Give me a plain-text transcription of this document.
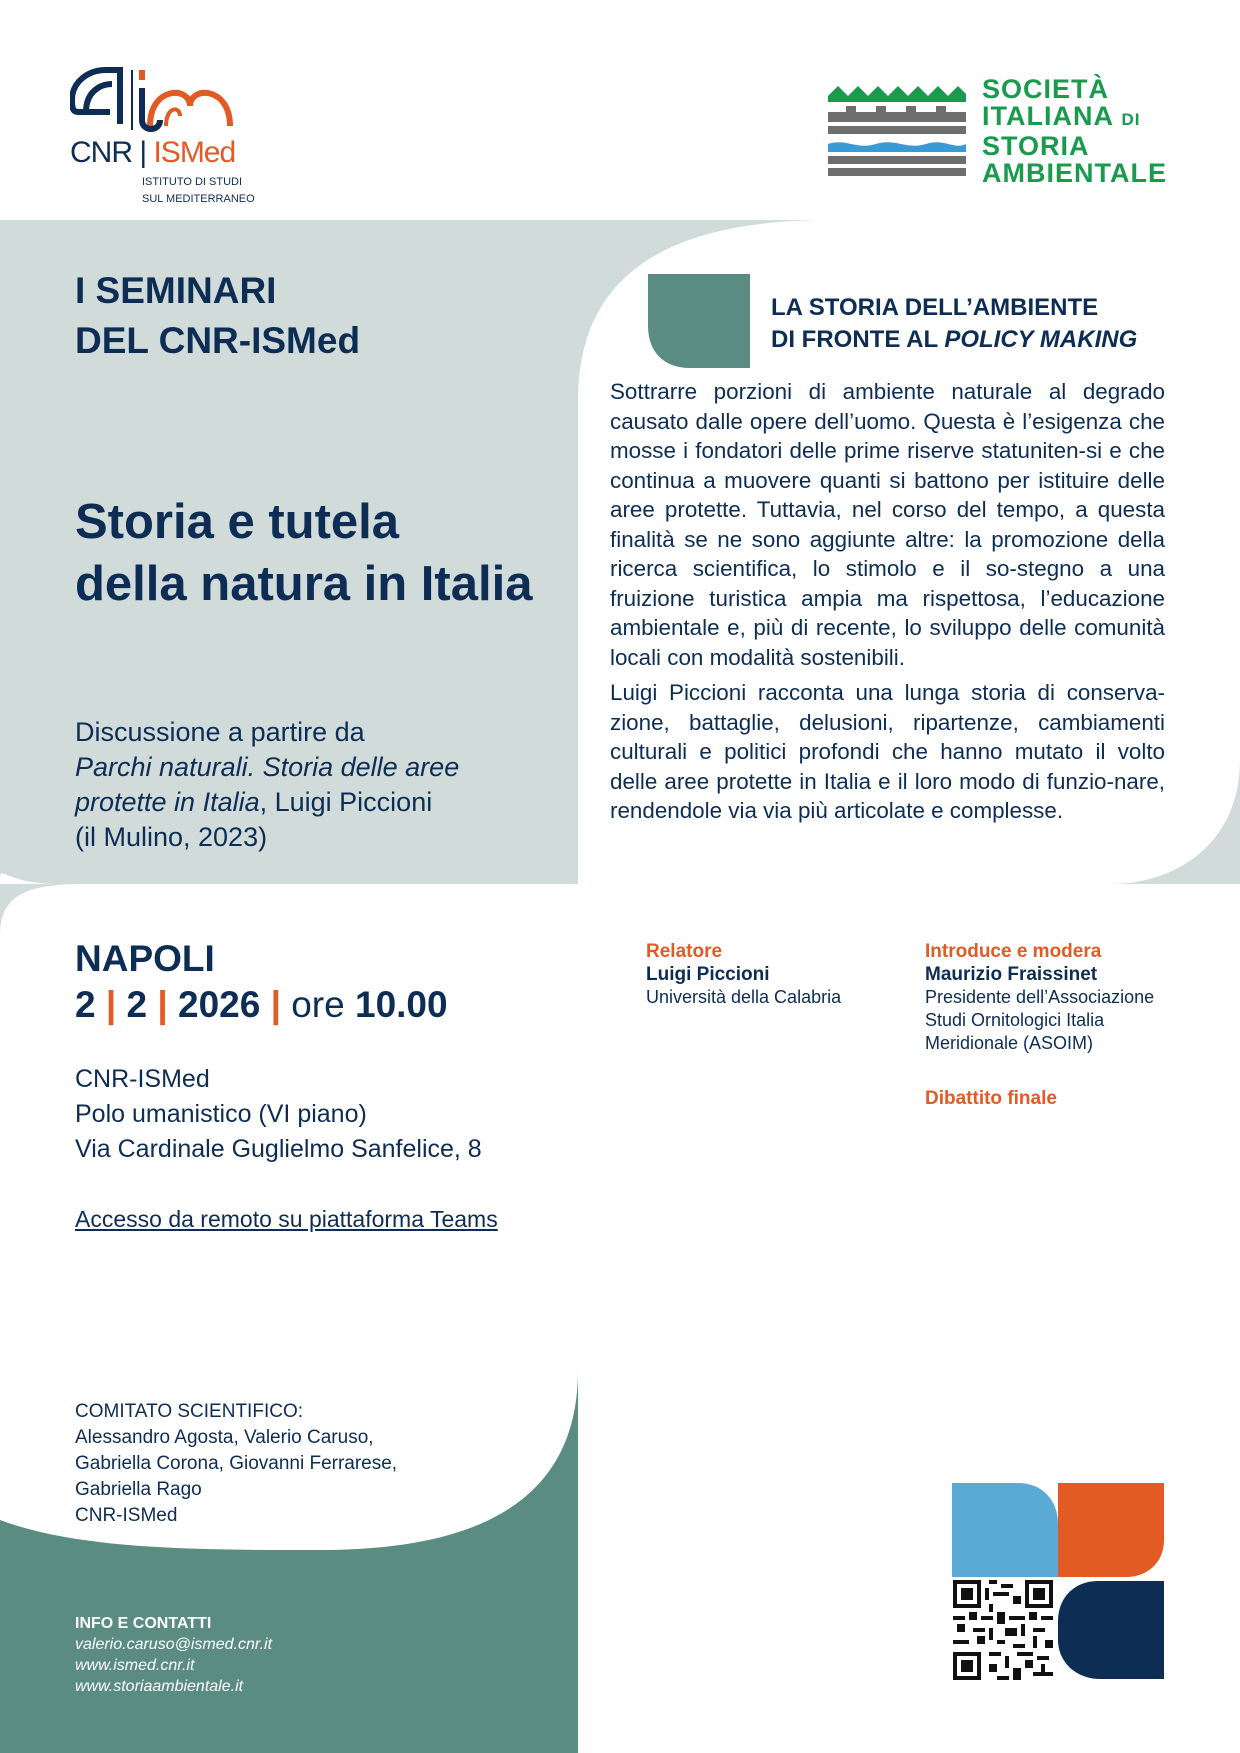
CNR | ISMed
ISTITUTO DI STUDI
SUL MEDITERRANEO
SOCIETÀ
ITALIANA DI
STORIA
AMBIENTALE
I SEMINARI
DEL CNR-ISMed
Storia e tutela
della natura in Italia
Discussione a partire da
Parchi naturali. Storia delle aree
protette in Italia, Luigi Piccioni
(il Mulino, 2023)
LA STORIA DELL’AMBIENTE
DI FRONTE AL POLICY MAKING

Sottrarre porzioni di ambiente naturale al degrado causato dalle opere dell’uomo. Questa è l’esigenza che mosse i fondatori delle prime riserve statuniten-si e che continua a muovere quanti si battono per istituire delle aree protette. Tuttavia, nel corso del tempo, a questa finalità se ne sono aggiunte altre: la promozione della ricerca scientifica, lo stimolo e il so-stegno a una fruizione turistica ampia ma rispettosa, l’educazione ambientale e, più di recente, lo sviluppo delle comunità locali con modalità sostenibili.

Luigi Piccioni racconta una lunga storia di conserva-zione, battaglie, delusioni, ripartenze, cambiamenti culturali e politici profondi che hanno mutato il volto delle aree protette in Italia e il loro modo di funzio-nare, rendendole via via più articolate e complesse.

NAPOLI
2 | 2 | 2026 | ore 10.00
CNR-ISMed
Polo umanistico (VI piano)
Via Cardinale Guglielmo Sanfelice, 8
Accesso da remoto su piattaforma Teams
Relatore
Luigi Piccioni
Università della Calabria
Introduce e modera
Maurizio Fraissinet
Presidente dell’Associazione
Studi Ornitologici Italia
Meridionale (ASOIM)
Dibattito finale
COMITATO SCIENTIFICO:
Alessandro Agosta, Valerio Caruso,
Gabriella Corona, Giovanni Ferrarese,
Gabriella Rago
CNR-ISMed
INFO E CONTATTI
valerio.caruso@ismed.cnr.it
www.ismed.cnr.it
www.storiaambientale.it
